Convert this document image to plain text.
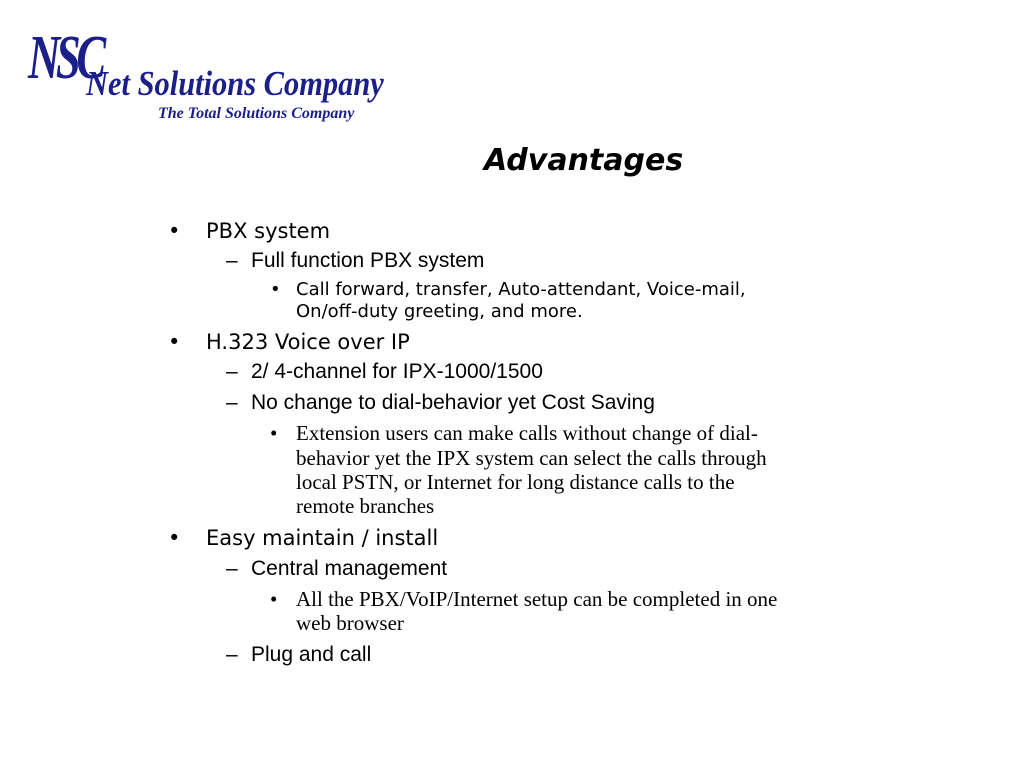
NSC
Net Solutions Company
The Total Solutions Company
Advantages
• PBX system
– Full function PBX system
• Call forward, transfer, Auto-attendant, Voice-mail,
On/off-duty greeting, and more.
• H.323 Voice over IP
– 2/ 4-channel for IPX-1000/1500
– No change to dial-behavior yet Cost Saving
• Extension users can make calls without change of dial-
behavior yet the IPX system can select the calls through
local PSTN, or Internet for long distance calls to the
remote branches
• Easy maintain / install
– Central management
• All the PBX/VoIP/Internet setup can be completed in one
web browser
– Plug and call
